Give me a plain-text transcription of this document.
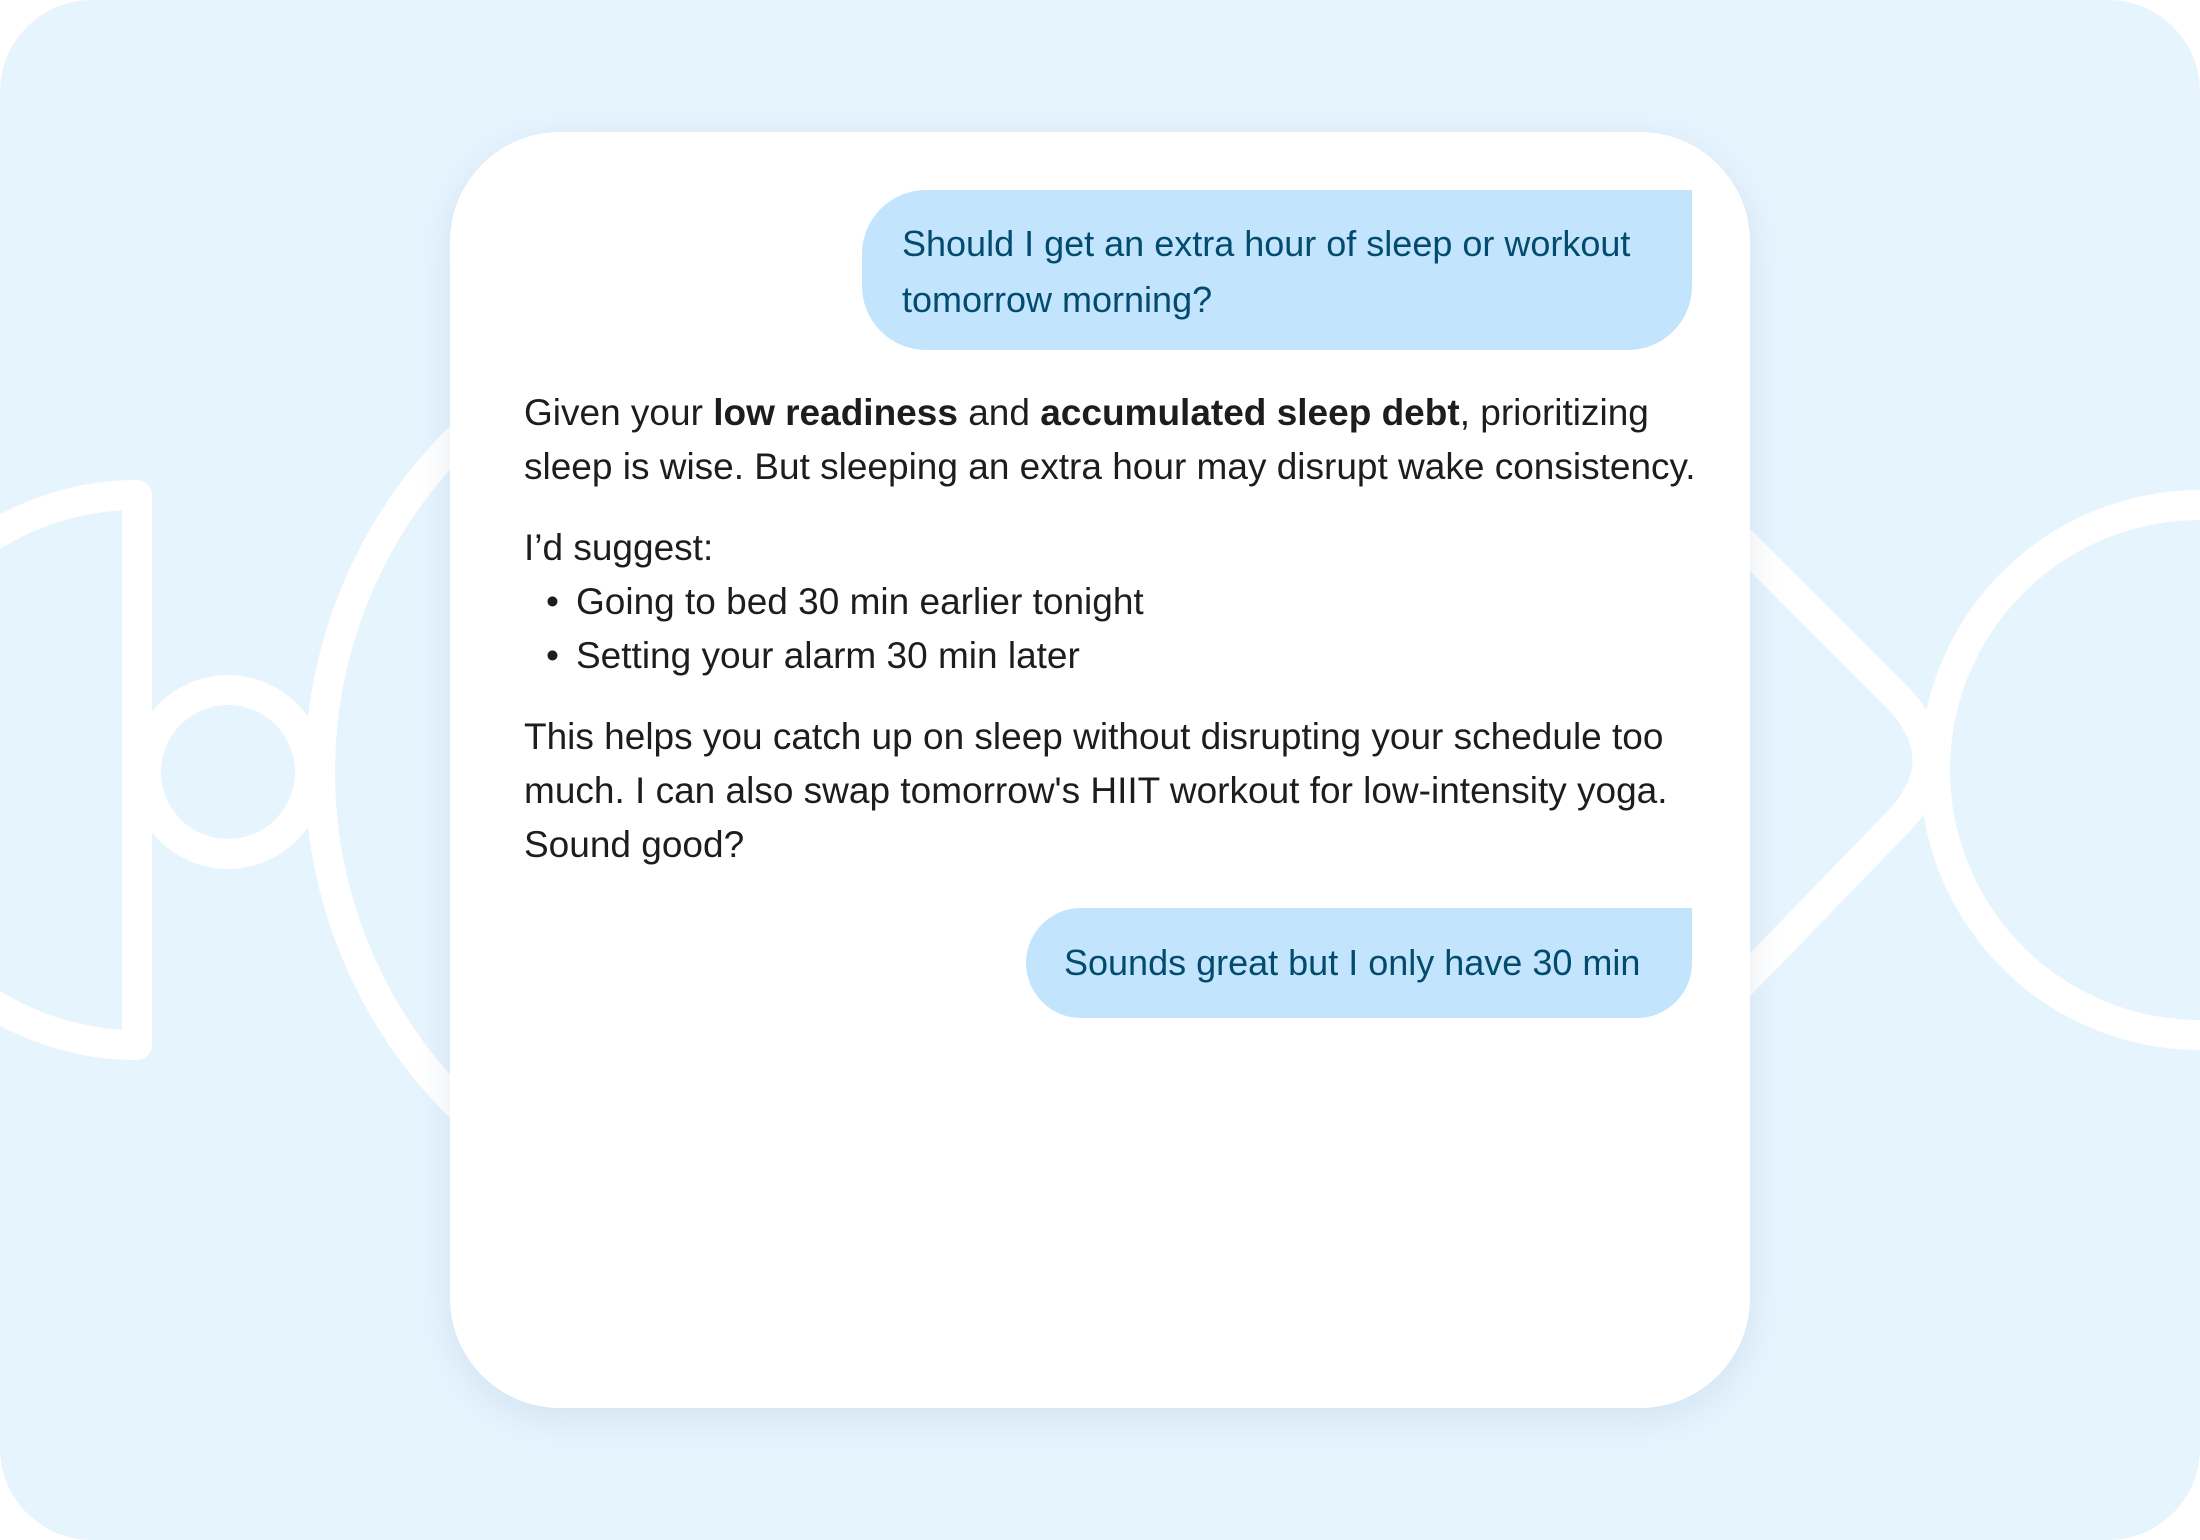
Should I get an extra hour of sleep or workout tomorrow morning?

Given your low readiness and accumulated sleep debt, prioritizing sleep is wise. But sleeping an extra hour may disrupt wake consistency.

I’d suggest:

• Going to bed 30 min earlier tonight
• Setting your alarm 30 min later

This helps you catch up on sleep without disrupting your schedule too much. I can also swap tomorrow's HIIT workout for low-intensity yoga. Sound good?

Sounds great but I only have 30 min
